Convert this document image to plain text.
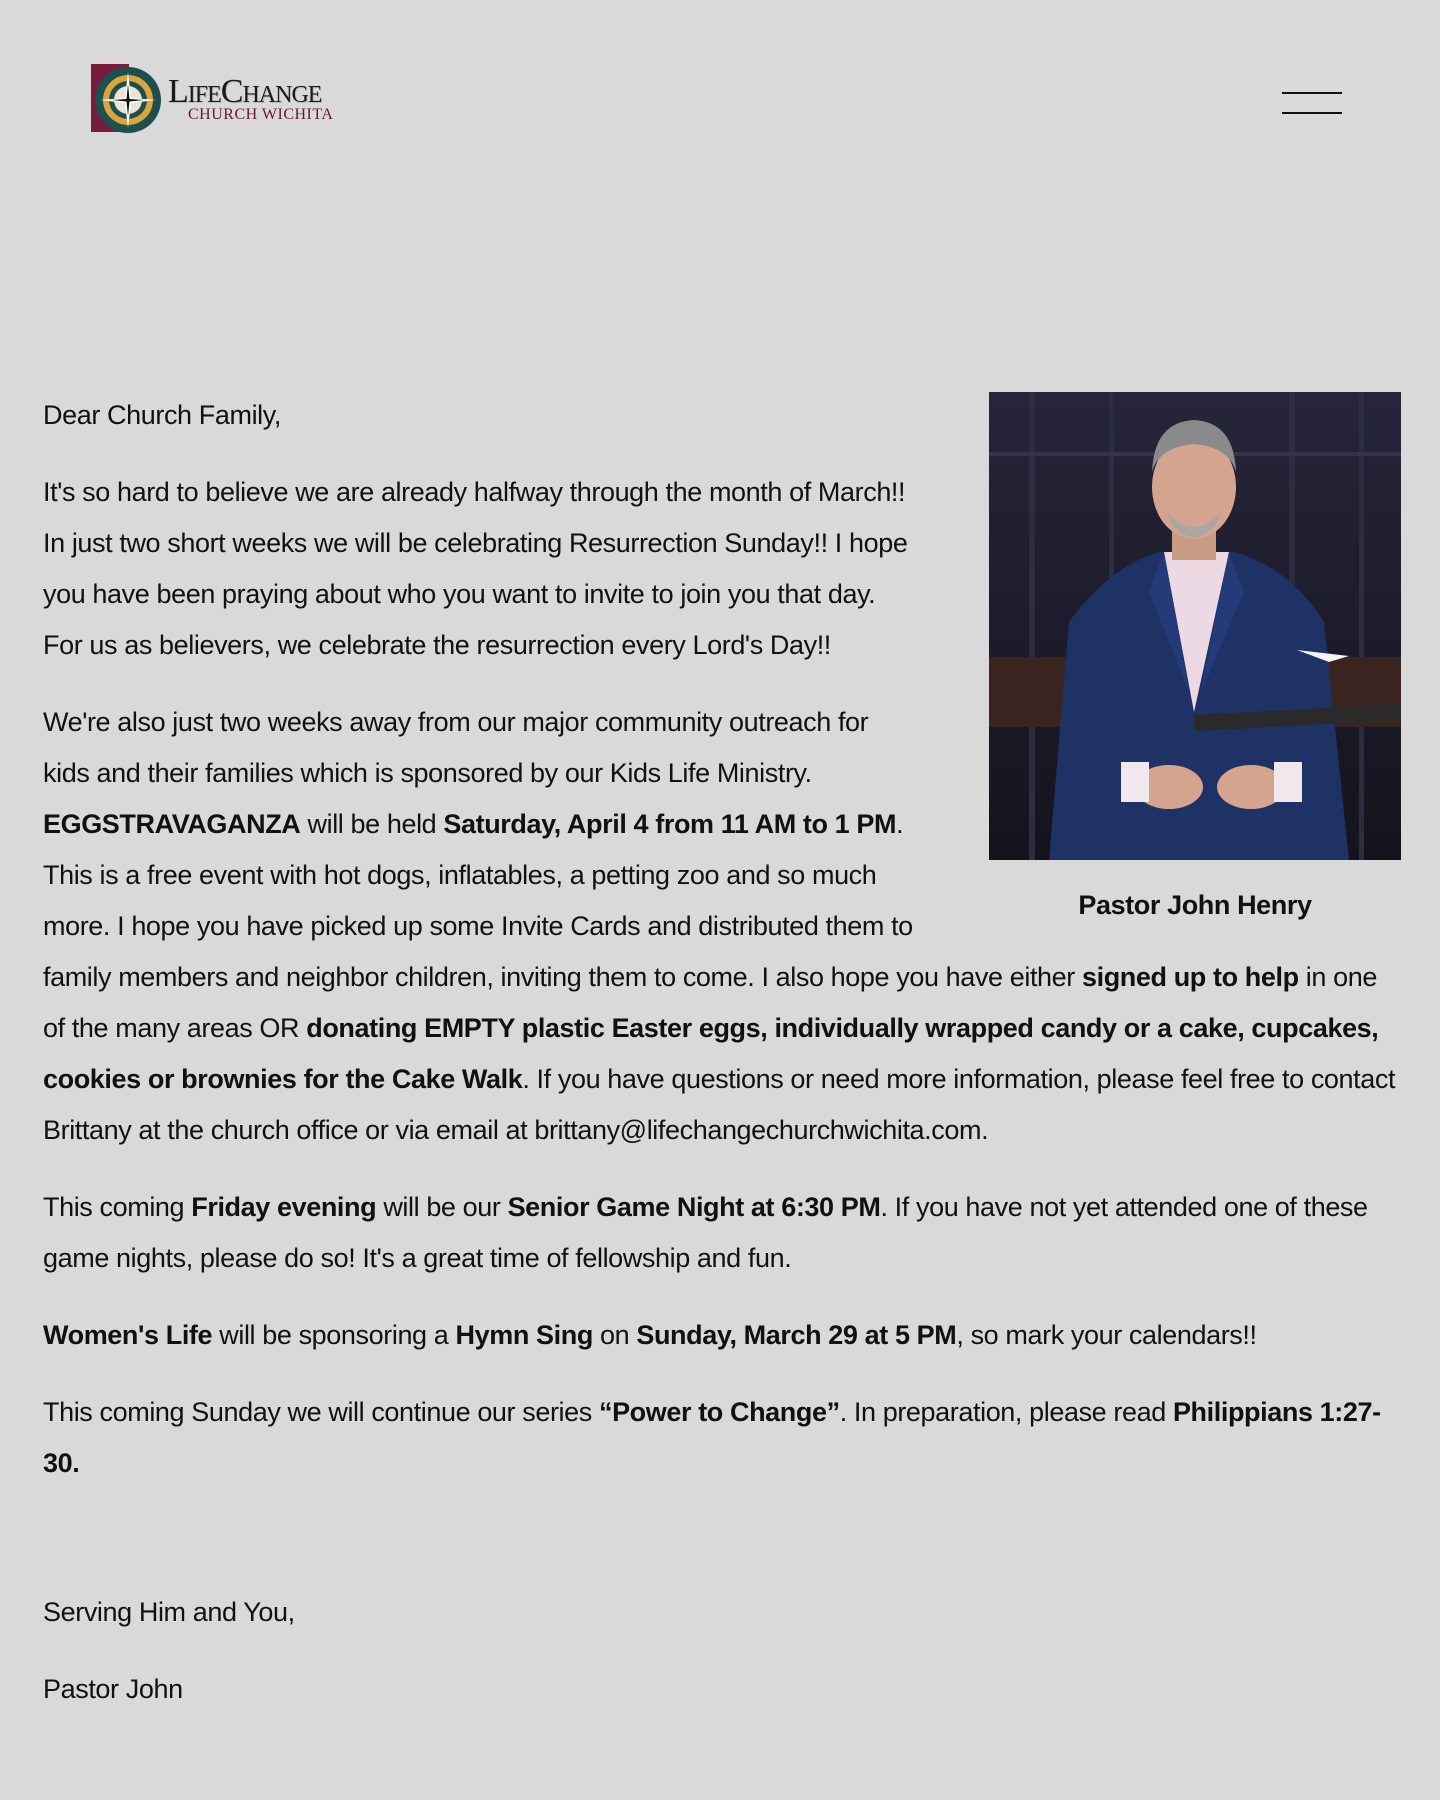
LifeChange
CHURCH WICHITA
Pastor John Henry

Dear Church Family,

It's so hard to believe we are already halfway through the month of March!! In just two short weeks we will be celebrating Resurrection Sunday!! I hope you have been praying about who you want to invite to join you that day. For us as believers, we celebrate the resurrection every Lord's Day!!

We're also just two weeks away from our major community outreach for kids and their families which is sponsored by our Kids Life Ministry. EGGSTRAVAGANZA will be held Saturday, April 4 from 11 AM to 1 PM. This is a free event with hot dogs, inflatables, a petting zoo and so much more. I hope you have picked up some Invite Cards and distributed them to family members and neighbor children, inviting them to come. I also hope you have either signed up to help in one of the many areas OR donating EMPTY plastic Easter eggs, individually wrapped candy or a cake, cupcakes, cookies or brownies for the Cake Walk. If you have questions or need more information, please feel free to contact Brittany at the church office or via email at brittany@lifechangechurchwichita.com.

This coming Friday evening will be our Senior Game Night at 6:30 PM. If you have not yet attended one of these game nights, please do so! It's a great time of fellowship and fun.

Women's Life will be sponsoring a Hymn Sing on Sunday, March 29 at 5 PM, so mark your calendars!!

This coming Sunday we will continue our series “Power to Change”. In preparation, please read Philippians 1:27-30.

Serving Him and You,

Pastor John
